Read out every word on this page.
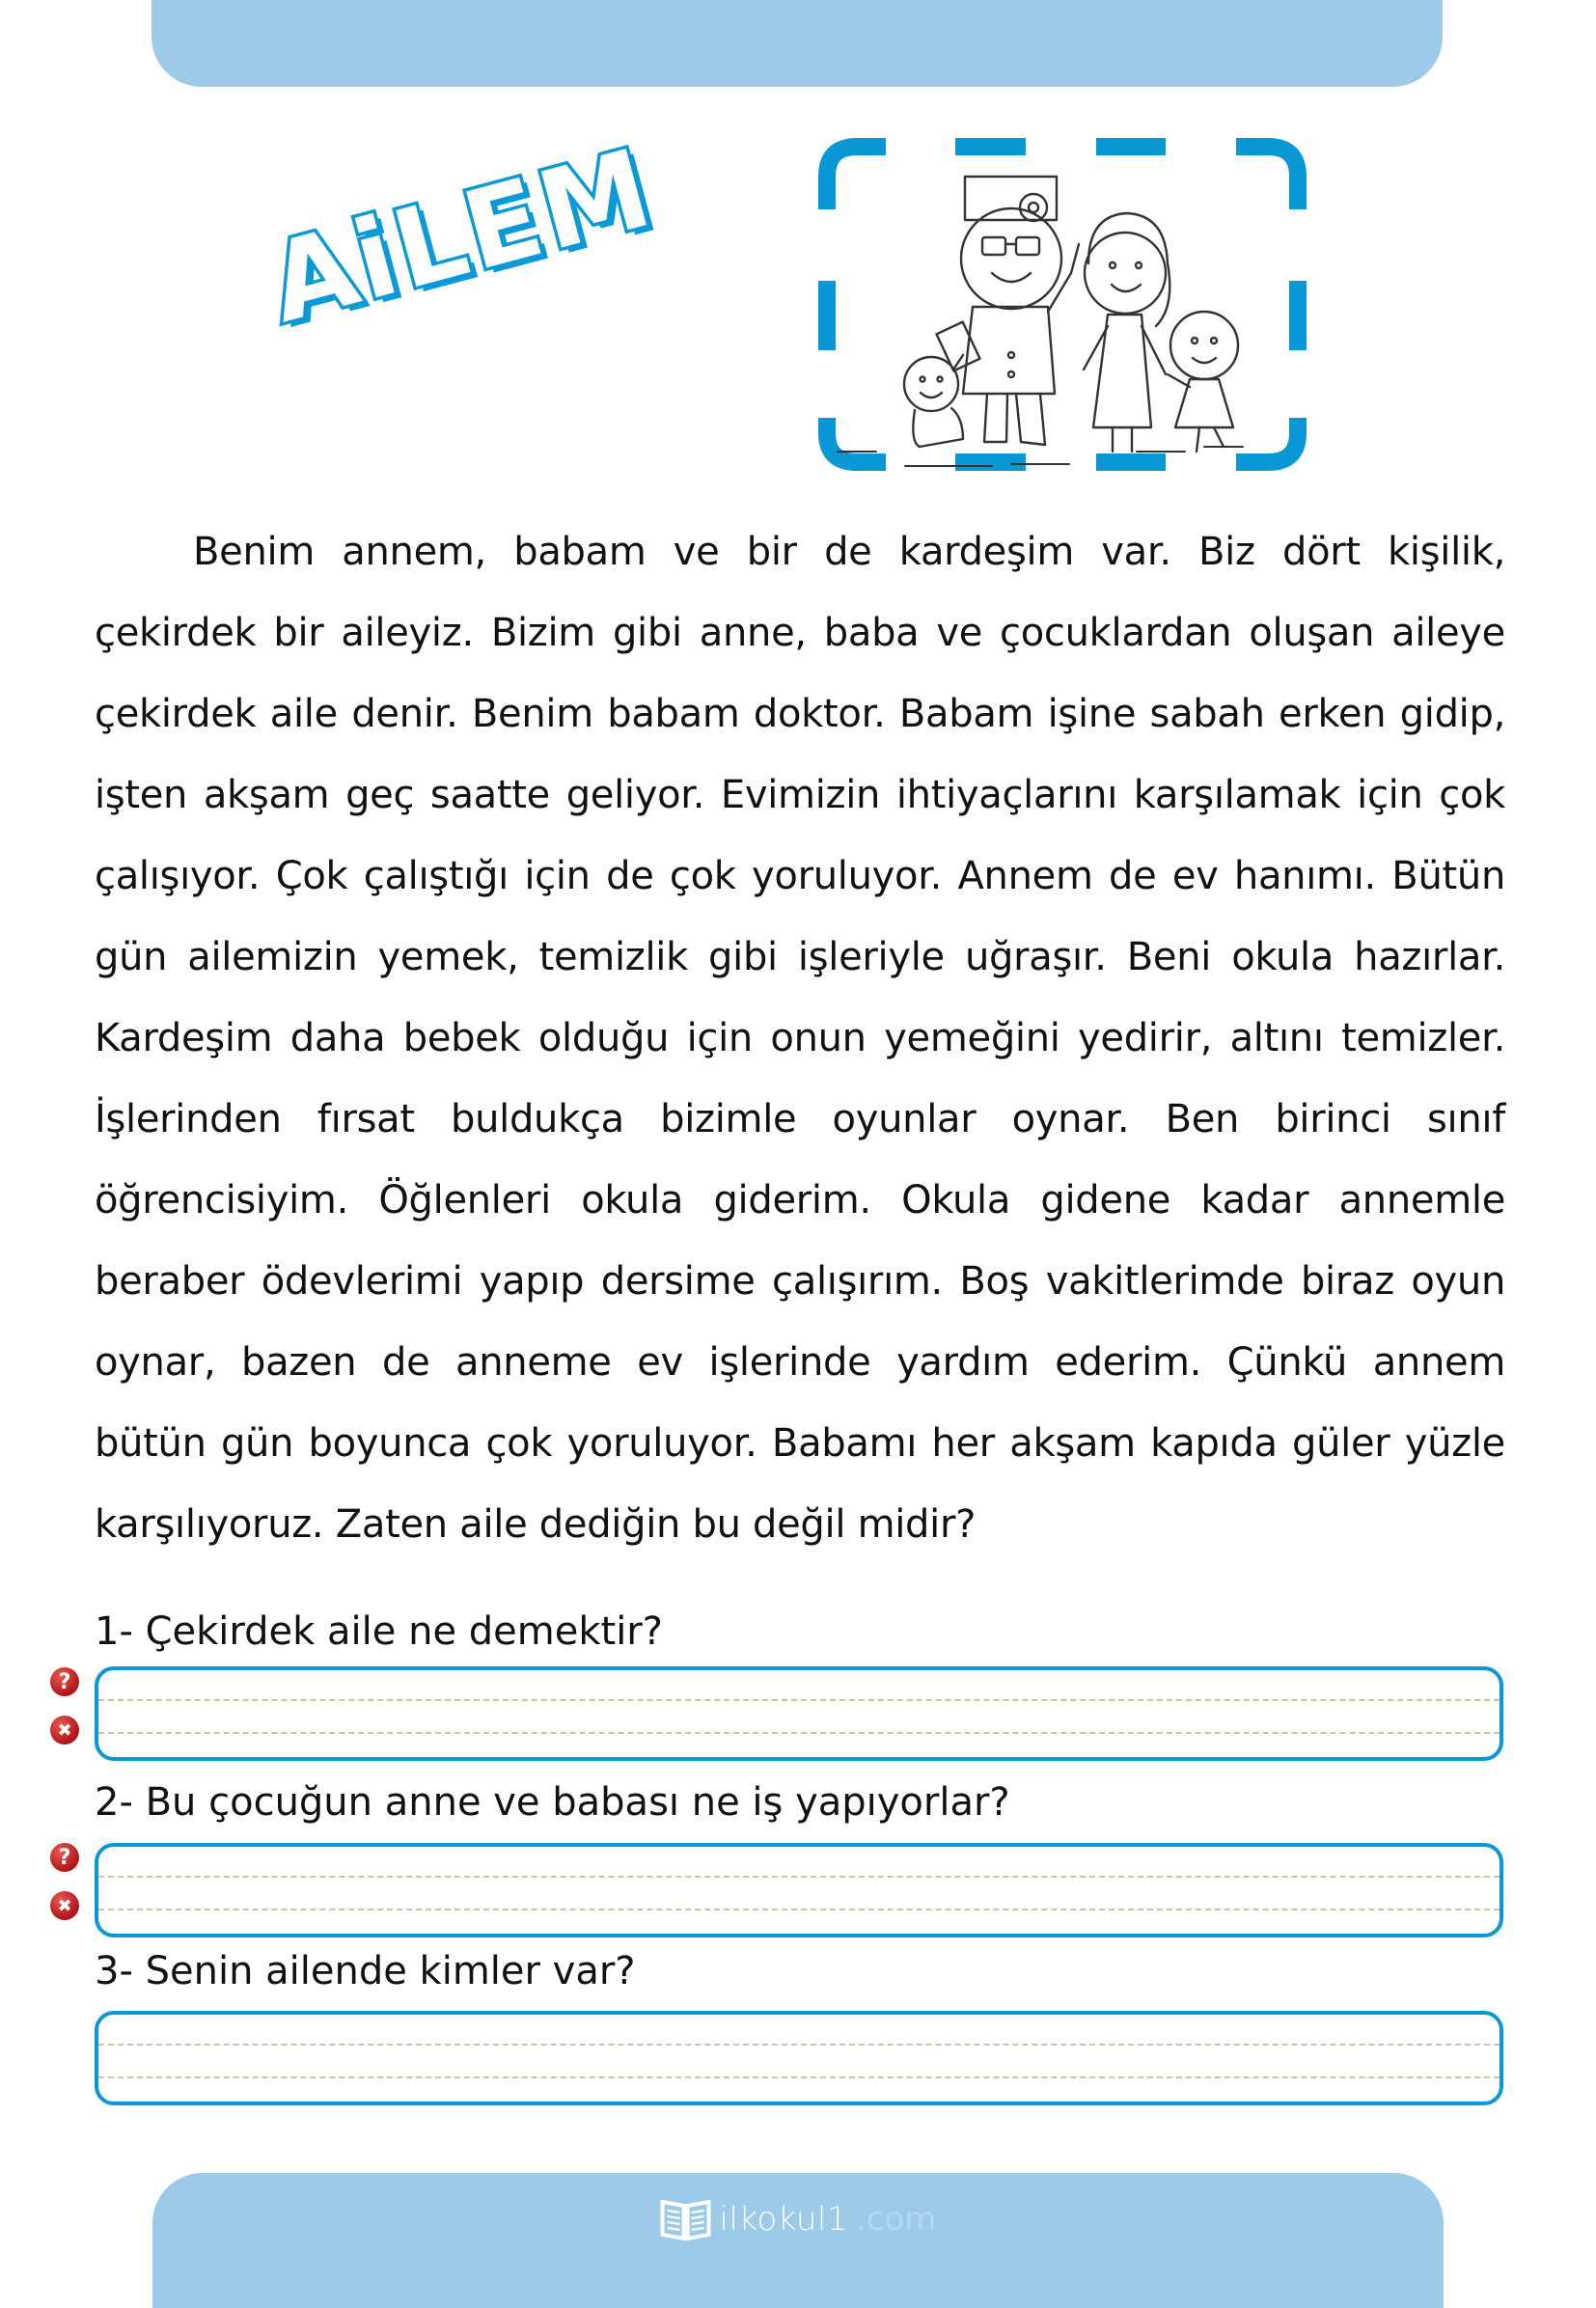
AiLEM

Benim annem, babam ve bir de kardeşim var. Biz dört kişilik, çekirdek bir aileyiz. Bizim gibi anne, baba ve çocuklardan oluşan aileye çekirdek aile denir. Benim babam doktor. Babam işine sabah erken gidip, işten akşam geç saatte geliyor. Evimizin ihtiyaçlarını karşılamak için çok çalışıyor. Çok çalıştığı için de çok yoruluyor. Annem de ev hanımı. Bütün gün ailemizin yemek, temizlik gibi işleriyle uğraşır. Beni okula hazırlar. Kardeşim daha bebek olduğu için onun yemeğini yedirir, altını temizler. İşlerinden fırsat buldukça bizimle oyunlar oynar. Ben birinci sınıf öğrencisiyim. Öğlenleri okula giderim. Okula gidene kadar annemle beraber ödevlerimi yapıp dersime çalışırım. Boş vakitlerimde biraz oyun oynar, bazen de anneme ev işlerinde yardım ederim. Çünkü annem bütün gün boyunca çok yoruluyor. Babamı her akşam kapıda güler yüzle karşılıyoruz. Zaten aile dediğin bu değil midir?

1- Çekirdek aile ne demektir?
?
✖
2- Bu çocuğun anne ve babası ne iş yapıyorlar?
?
✖
3- Senin ailende kimler var?
ilkokul1 .com
